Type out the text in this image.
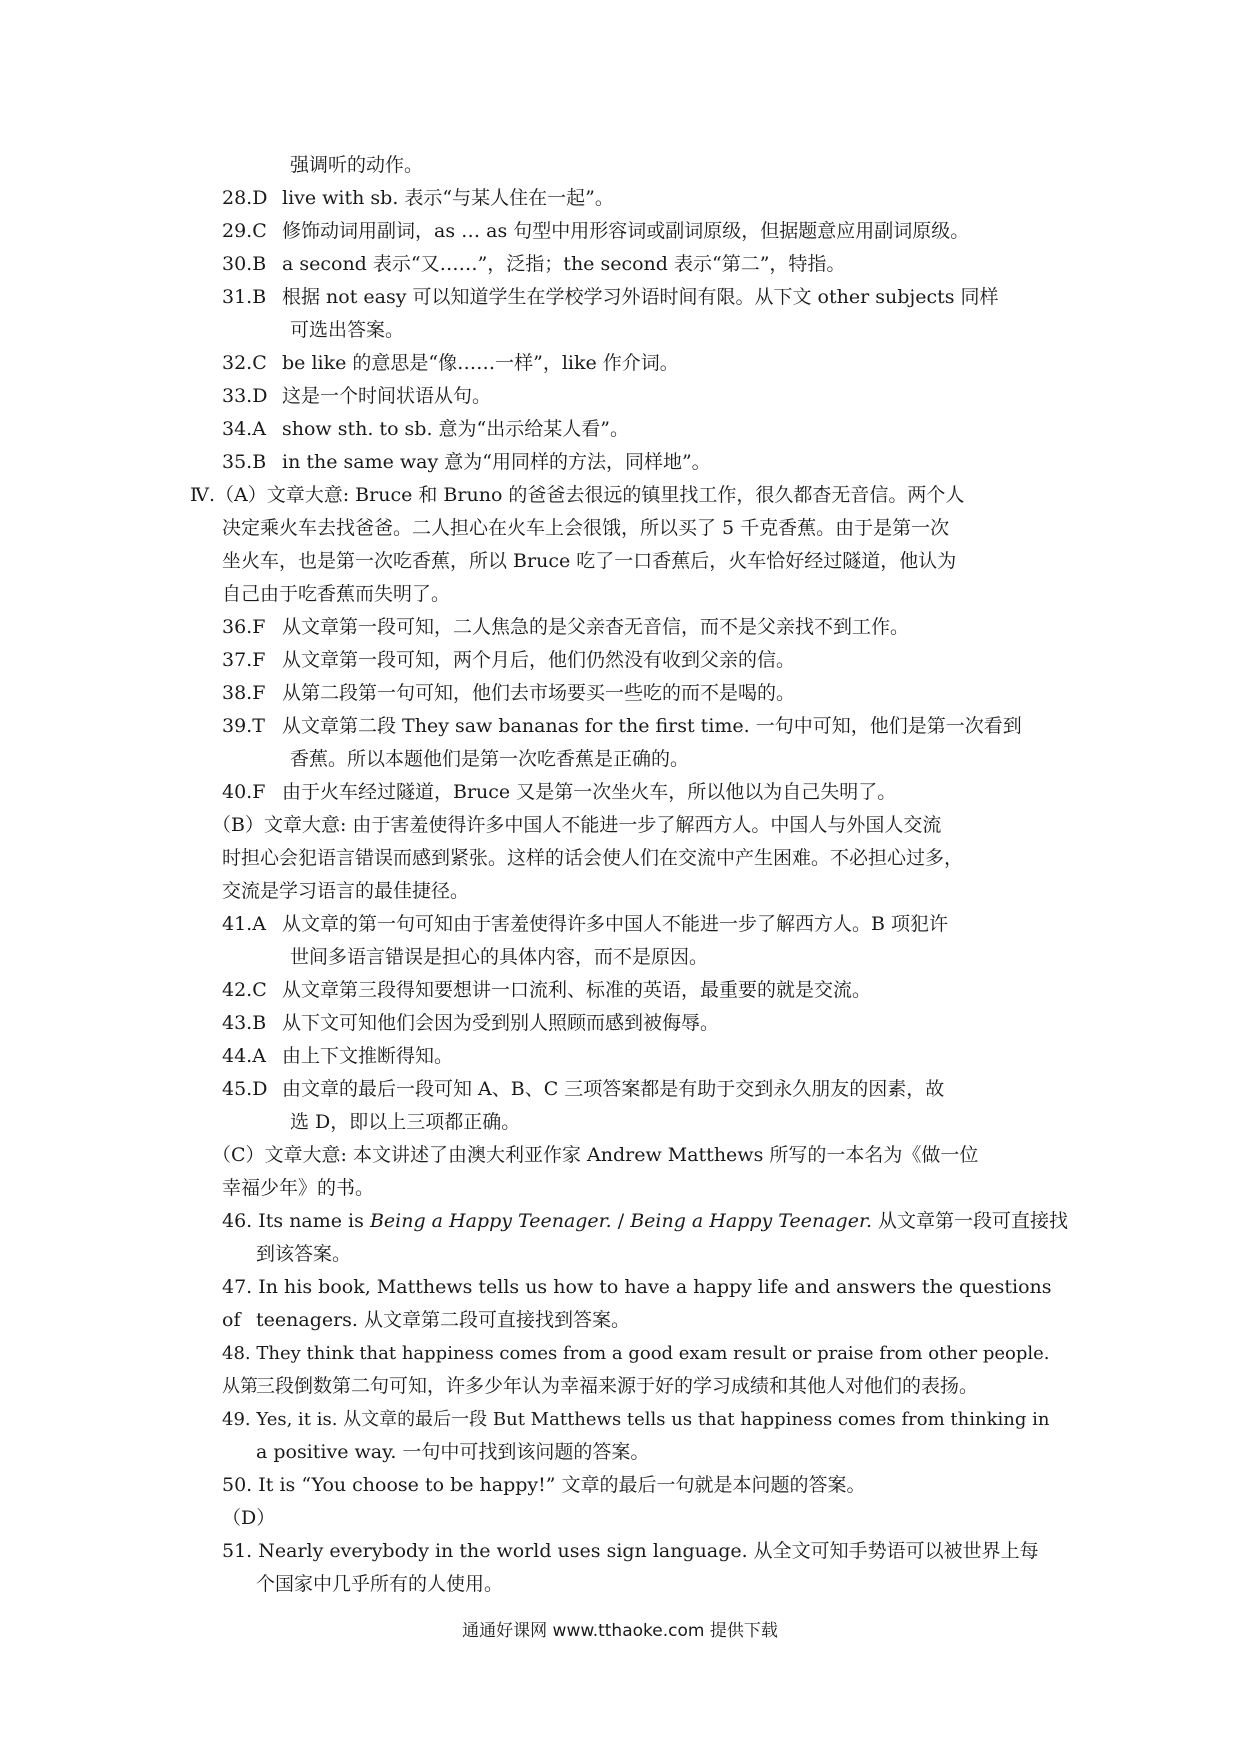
强调听的动作。
28.D live with sb. 表示“与某人住在一起”。
29.C 修饰动词用副词，as … as 句型中用形容词或副词原级，但据题意应用副词原级。
30.B a second 表示“又……”，泛指；the second 表示“第二”，特指。
31.B 根据 not easy 可以知道学生在学校学习外语时间有限。从下文 other subjects 同样
可选出答案。
32.C be like 的意思是“像……一样”，like 作介词。
33.D 这是一个时间状语从句。
34.A show sth. to sb. 意为“出示给某人看”。
35.B in the same way 意为“用同样的方法，同样地”。
Ⅳ.（A）文章大意: Bruce 和 Bruno 的爸爸去很远的镇里找工作，很久都杳无音信。两个人
决定乘火车去找爸爸。二人担心在火车上会很饿，所以买了 5 千克香蕉。由于是第一次
坐火车，也是第一次吃香蕉，所以 Bruce 吃了一口香蕉后，火车恰好经过隧道，他认为
自己由于吃香蕉而失明了。
36.F 从文章第一段可知，二人焦急的是父亲杳无音信，而不是父亲找不到工作。
37.F 从文章第一段可知，两个月后，他们仍然没有收到父亲的信。
38.F 从第二段第一句可知，他们去市场要买一些吃的而不是喝的。
39.T 从文章第二段 They saw bananas for the first time. 一句中可知，他们是第一次看到
香蕉。所以本题他们是第一次吃香蕉是正确的。
40.F 由于火车经过隧道，Bruce 又是第一次坐火车，所以他以为自己失明了。
（B）文章大意: 由于害羞使得许多中国人不能进一步了解西方人。中国人与外国人交流
时担心会犯语言错误而感到紧张。这样的话会使人们在交流中产生困难。不必担心过多，
交流是学习语言的最佳捷径。
41.A 从文章的第一句可知由于害羞使得许多中国人不能进一步了解西方人。B 项犯许
世间多语言错误是担心的具体内容，而不是原因。
42.C 从文章第三段得知要想讲一口流利、标准的英语，最重要的就是交流。
43.B 从下文可知他们会因为受到别人照顾而感到被侮辱。
44.A 由上下文推断得知。
45.D 由文章的最后一段可知 A、B、C 三项答案都是有助于交到永久朋友的因素，故
选 D，即以上三项都正确。
（C）文章大意: 本文讲述了由澳大利亚作家 Andrew Matthews 所写的一本名为《做一位
幸福少年》的书。
46. Its name is Being a Happy Teenager. / Being a Happy Teenager. 从文章第一段可直接找
到该答案。
47. In his book, Matthews tells us how to have a happy life and answers the questions of teenagers. 从文章第二段可直接找到答案。
48. They think that happiness comes from a good exam result or praise from other people. 从第
三段倒数第二句可知，许多少年认为幸福来源于好的学习成绩和其他人对他们的表扬。
49. Yes, it is. 从文章的最后一段 But Matthews tells us that happiness comes from thinking in
a positive way. 一句中可找到该问题的答案。
50. It is “You choose to be happy!” 文章的最后一句就是本问题的答案。
（D）
51. Nearly everybody in the world uses sign language. 从全文可知手势语可以被世界上每
个国家中几乎所有的人使用。
通通好课网 www.tthaoke.com 提供下载
